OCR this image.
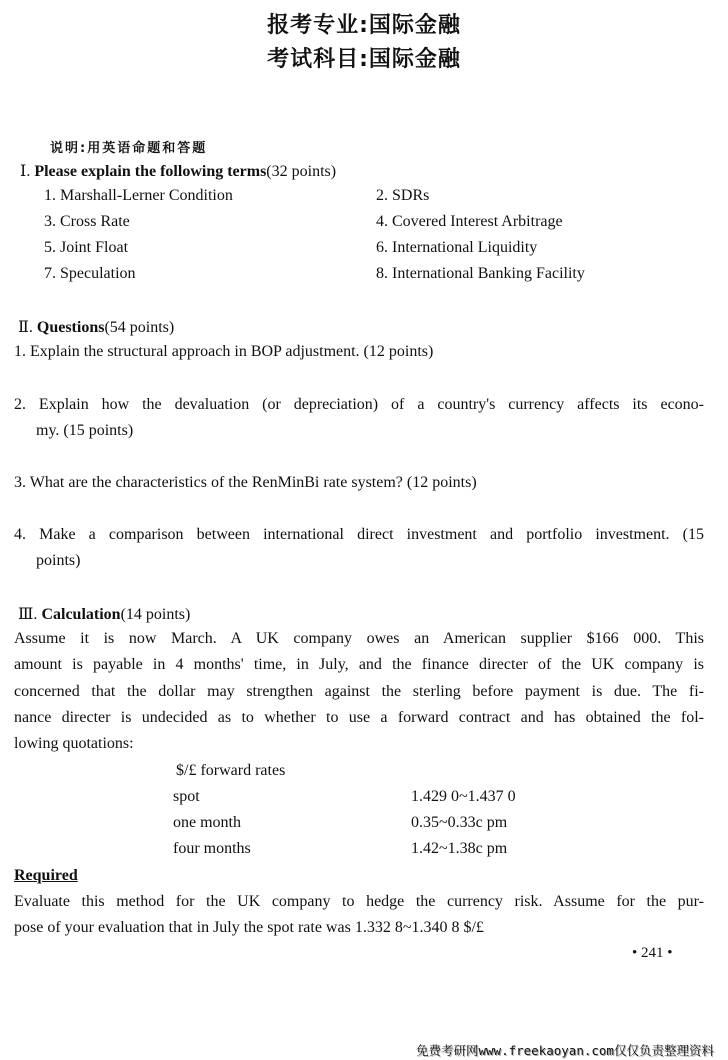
报考专业:国际金融
考试科目:国际金融
说明:用英语命题和答题
Ⅰ. Please explain the following terms(32 points)
1. Marshall-Lerner Condition	2. SDRs
3. Cross Rate	4. Covered Interest Arbitrage
5. Joint Float	6. International Liquidity
7. Speculation	8. International Banking Facility
Ⅱ. Questions(54 points)
1. Explain the structural approach in BOP adjustment. (12 points)
2. Explain how the devaluation (or depreciation) of a country's currency affects its econo-
my. (15 points)
3. What are the characteristics of the RenMinBi rate system? (12 points)
4. Make a comparison between international direct investment and portfolio investment. (15
points)
Ⅲ. Calculation(14 points)
Assume it is now March. A UK company owes an American supplier $166 000. This
amount is payable in 4 months' time, in July, and the finance directer of the UK company is
concerned that the dollar may strengthen against the sterling before payment is due. The fi-
nance directer is undecided as to whether to use a forward contract and has obtained the fol-
lowing quotations:
$/£ forward rates
spot	1.429 0~1.437 0
one month	0.35~0.33c pm
four months	1.42~1.38c pm
Required
Evaluate this method for the UK company to hedge the currency risk. Assume for the pur-
pose of your evaluation that in July the spot rate was 1.332 8~1.340 8 $/£
• 241 •
免费考研网www.freekaoyan.com仅仅负责整理资料
